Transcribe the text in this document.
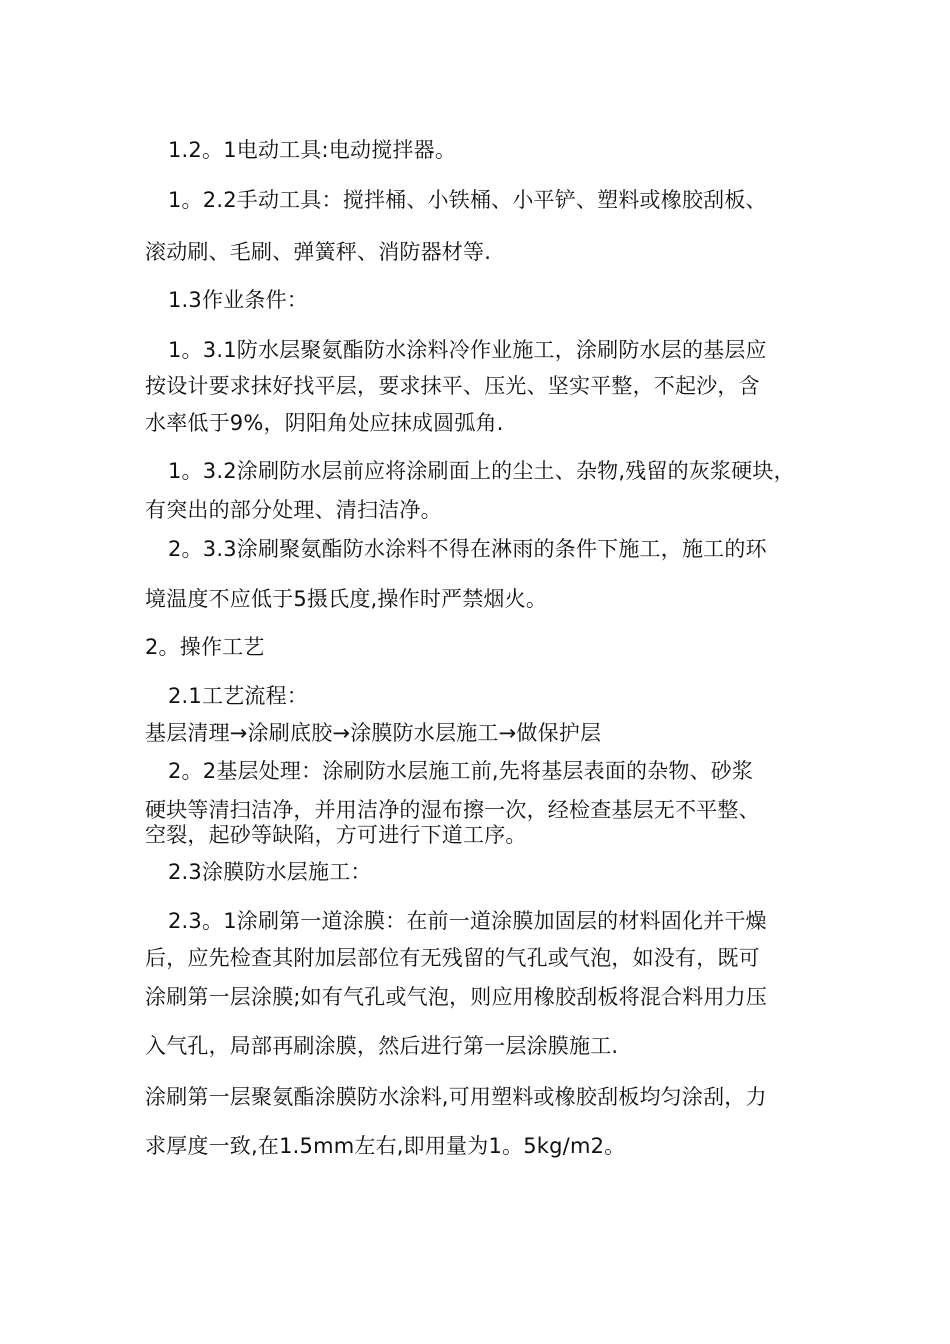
1.2。1电动工具:电动搅拌器。
1。2.2手动工具：搅拌桶、小铁桶、小平铲、塑料或橡胶刮板、
滚动刷、毛刷、弹簧秤、消防器材等.
1.3作业条件：
1。3.1防水层聚氨酯防水涂料冷作业施工，涂刷防水层的基层应
按设计要求抹好找平层，要求抹平、压光、坚实平整，不起沙，含
水率低于9%，阴阳角处应抹成圆弧角.
1。3.2涂刷防水层前应将涂刷面上的尘土、杂物,残留的灰浆硬块，
有突出的部分处理、清扫洁净。
2。3.3涂刷聚氨酯防水涂料不得在淋雨的条件下施工，施工的环
境温度不应低于5摄氏度,操作时严禁烟火。
2。操作工艺
2.1工艺流程：
基层清理→涂刷底胶→涂膜防水层施工→做保护层
2。2基层处理：涂刷防水层施工前,先将基层表面的杂物、砂浆
硬块等清扫洁净，并用洁净的湿布擦一次，经检查基层无不平整、
空裂，起砂等缺陷，方可进行下道工序。
2.3涂膜防水层施工：
2.3。1涂刷第一道涂膜：在前一道涂膜加固层的材料固化并干燥
后，应先检查其附加层部位有无残留的气孔或气泡，如没有，既可
涂刷第一层涂膜;如有气孔或气泡，则应用橡胶刮板将混合料用力压
入气孔，局部再刷涂膜，然后进行第一层涂膜施工.
涂刷第一层聚氨酯涂膜防水涂料,可用塑料或橡胶刮板均匀涂刮，力
求厚度一致,在1.5mm左右,即用量为1。5kg/m2。
